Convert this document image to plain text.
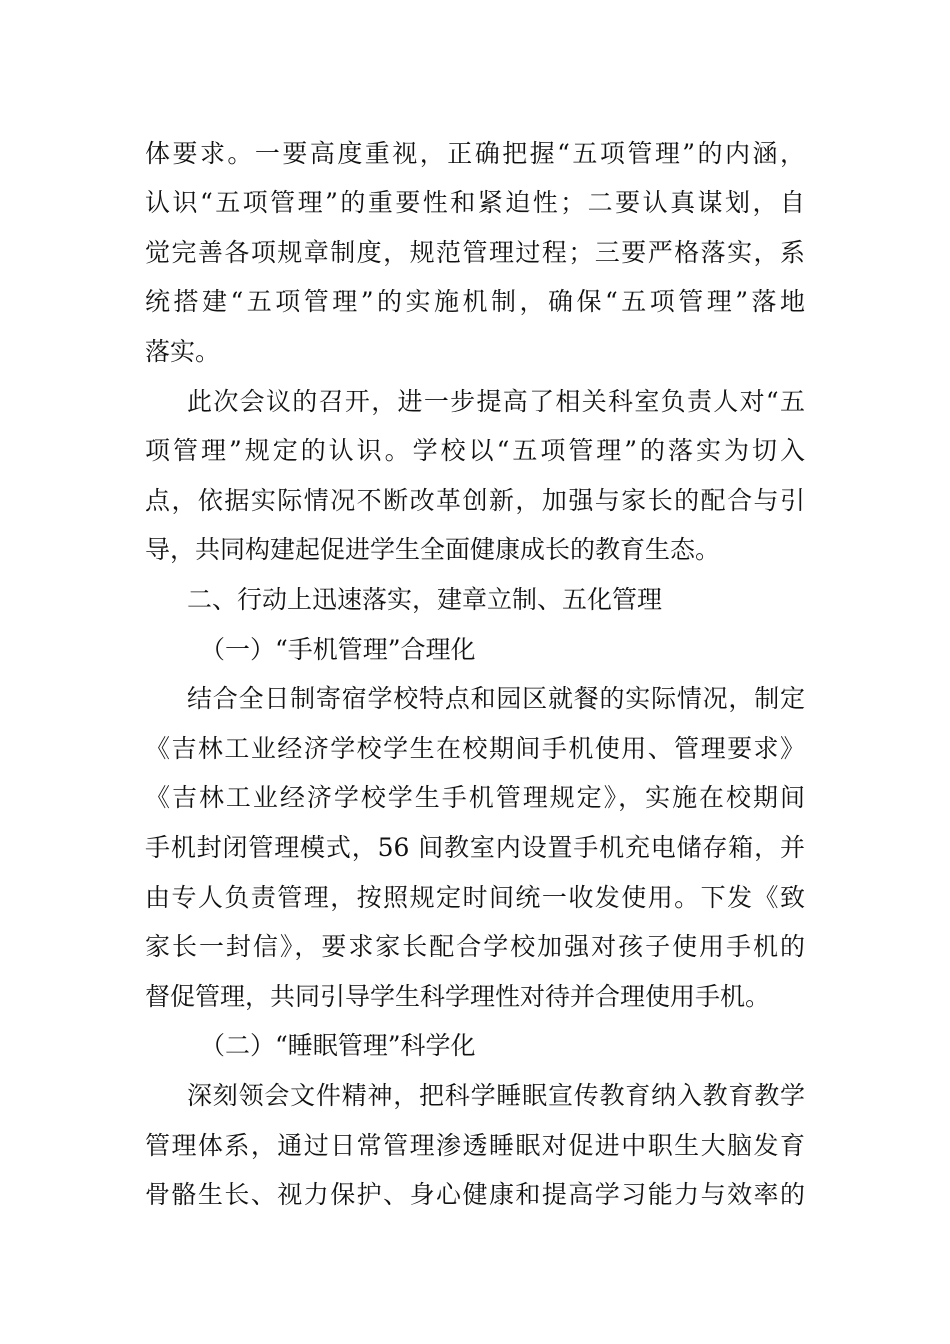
体要求。一要高度重视，正确把握“五项管理”的内涵，
认识“五项管理”的重要性和紧迫性；二要认真谋划，自
觉完善各项规章制度，规范管理过程；三要严格落实，系
统搭建“五项管理”的实施机制，确保“五项管理”落地
落实。
此次会议的召开，进一步提高了相关科室负责人对“五
项管理”规定的认识。学校以“五项管理”的落实为切入
点，依据实际情况不断改革创新，加强与家长的配合与引
导，共同构建起促进学生全面健康成长的教育生态。
二、行动上迅速落实，建章立制、五化管理
（一）“手机管理”合理化
结合全日制寄宿学校特点和园区就餐的实际情况，制定
《吉林工业经济学校学生在校期间手机使用、管理要求》
《吉林工业经济学校学生手机管理规定》，实施在校期间
手机封闭管理模式，56 间教室内设置手机充电储存箱，并
由专人负责管理，按照规定时间统一收发使用。下发《致
家长一封信》，要求家长配合学校加强对孩子使用手机的
督促管理，共同引导学生科学理性对待并合理使用手机。
（二）“睡眠管理”科学化
深刻领会文件精神，把科学睡眠宣传教育纳入教育教学
管理体系，通过日常管理渗透睡眠对促进中职生大脑发育
骨骼生长、视力保护、身心健康和提高学习能力与效率的
